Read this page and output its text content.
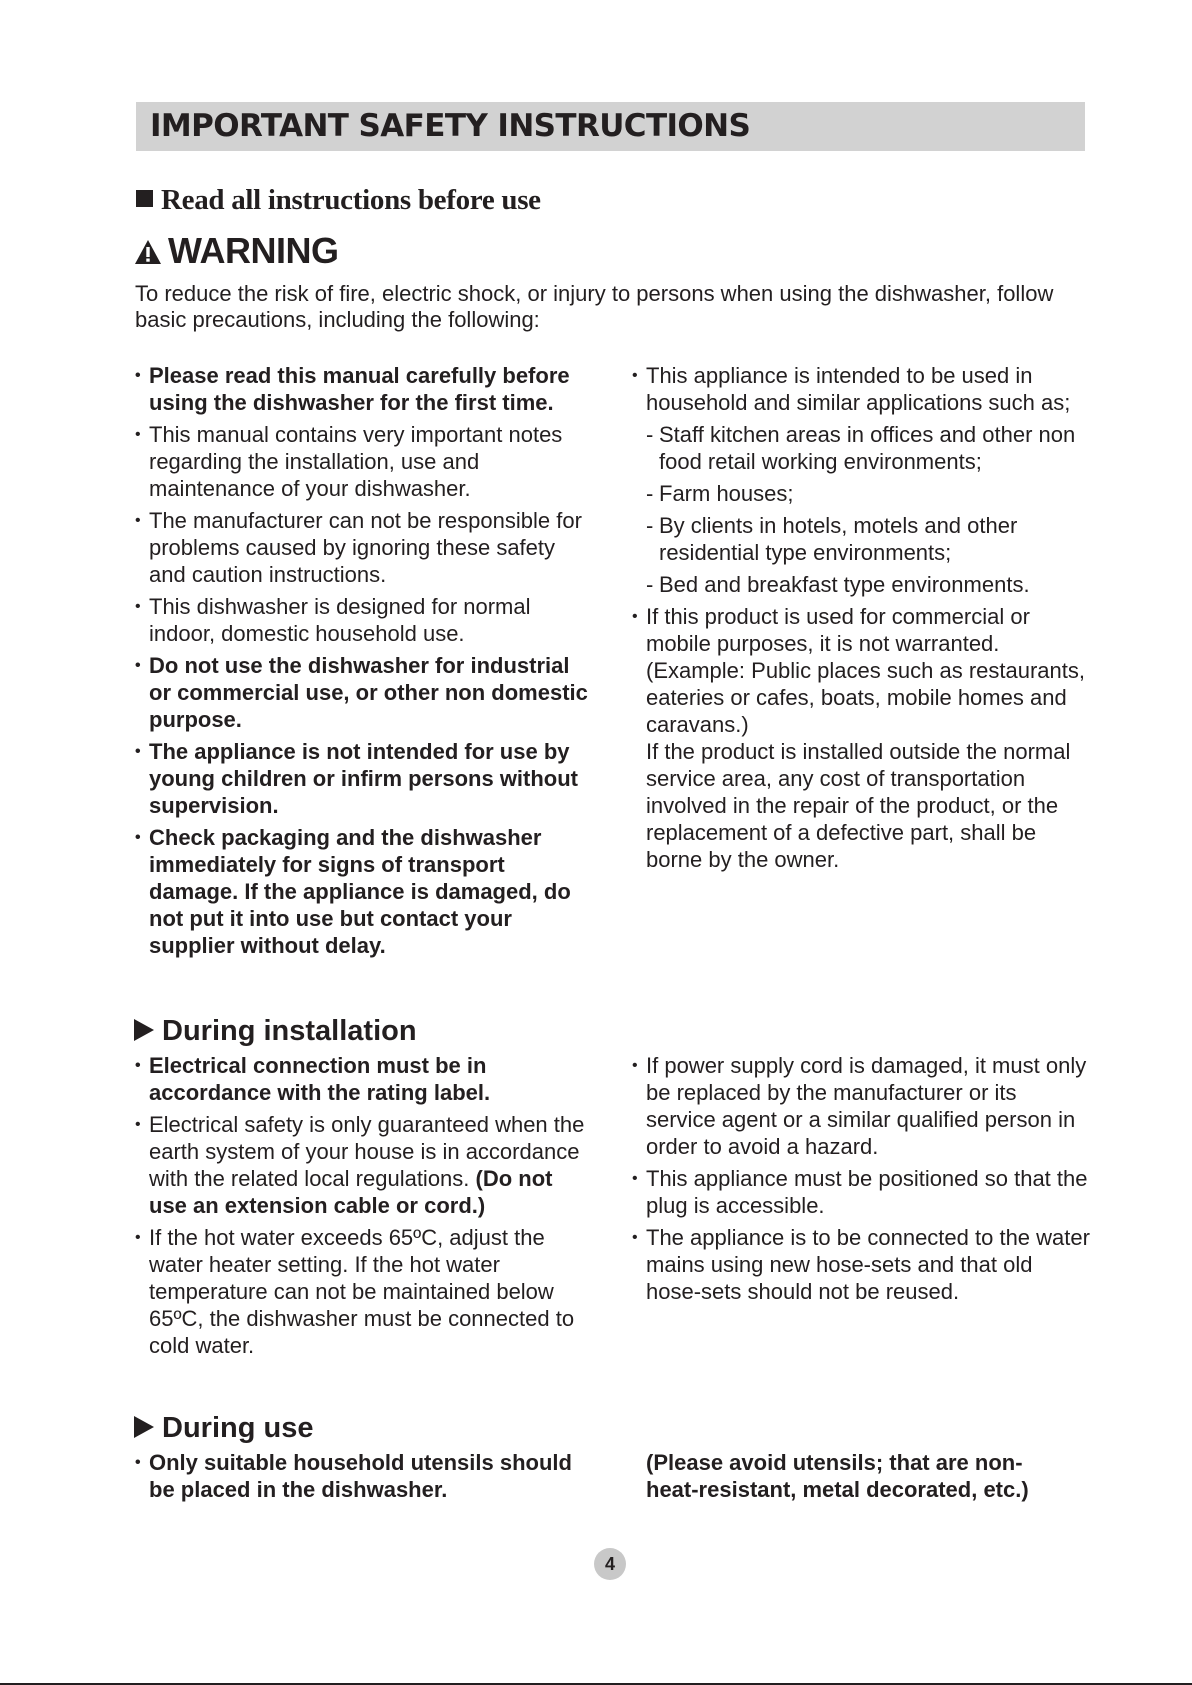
IMPORTANT SAFETY INSTRUCTIONS
Read all instructions before use
WARNING
To reduce the risk of fire, electric shock, or injury to persons when using the dishwasher, follow basic precautions, including the following:
• Please read this manual carefully before using the dishwasher for the first time.
• This manual contains very important notes regarding the installation, use and maintenance of your dishwasher.
• The manufacturer can not be responsible for problems caused by ignoring these safety and caution instructions.
• This dishwasher is designed for normal indoor, domestic household use.
• Do not use the dishwasher for industrial or commercial use, or other non domestic purpose.
• The appliance is not intended for use by young children or infirm persons without supervision.
• Check packaging and the dishwasher immediately for signs of transport damage. If the appliance is damaged, do not put it into use but contact your supplier without delay.
• This appliance is intended to be used in household and similar applications such as;
- Staff kitchen areas in offices and other non food retail working environments;
- Farm houses;
- By clients in hotels, motels and other residential type environments;
- Bed and breakfast type environments.
• If this product is used for commercial or mobile purposes, it is not warranted. (Example: Public places such as restaurants, eateries or cafes, boats, mobile homes and caravans.)
If the product is installed outside the normal service area, any cost of transportation involved in the repair of the product, or the replacement of a defective part, shall be borne by the owner.
During installation
• Electrical connection must be in accordance with the rating label.
• Electrical safety is only guaranteed when the earth system of your house is in accordance with the related local regulations. (Do not use an extension cable or cord.)
• If the hot water exceeds 65ºC, adjust the water heater setting. If the hot water temperature can not be maintained below 65ºC, the dishwasher must be connected to cold water.
• If power supply cord is damaged, it must only be replaced by the manufacturer or its service agent or a similar qualified person in order to avoid a hazard.
• This appliance must be positioned so that the plug is accessible.
• The appliance is to be connected to the water mains using new hose-sets and that old hose-sets should not be reused.
During use
• Only suitable household utensils should be placed in the dishwasher.
(Please avoid utensils; that are non-heat-resistant, metal decorated, etc.)
4
